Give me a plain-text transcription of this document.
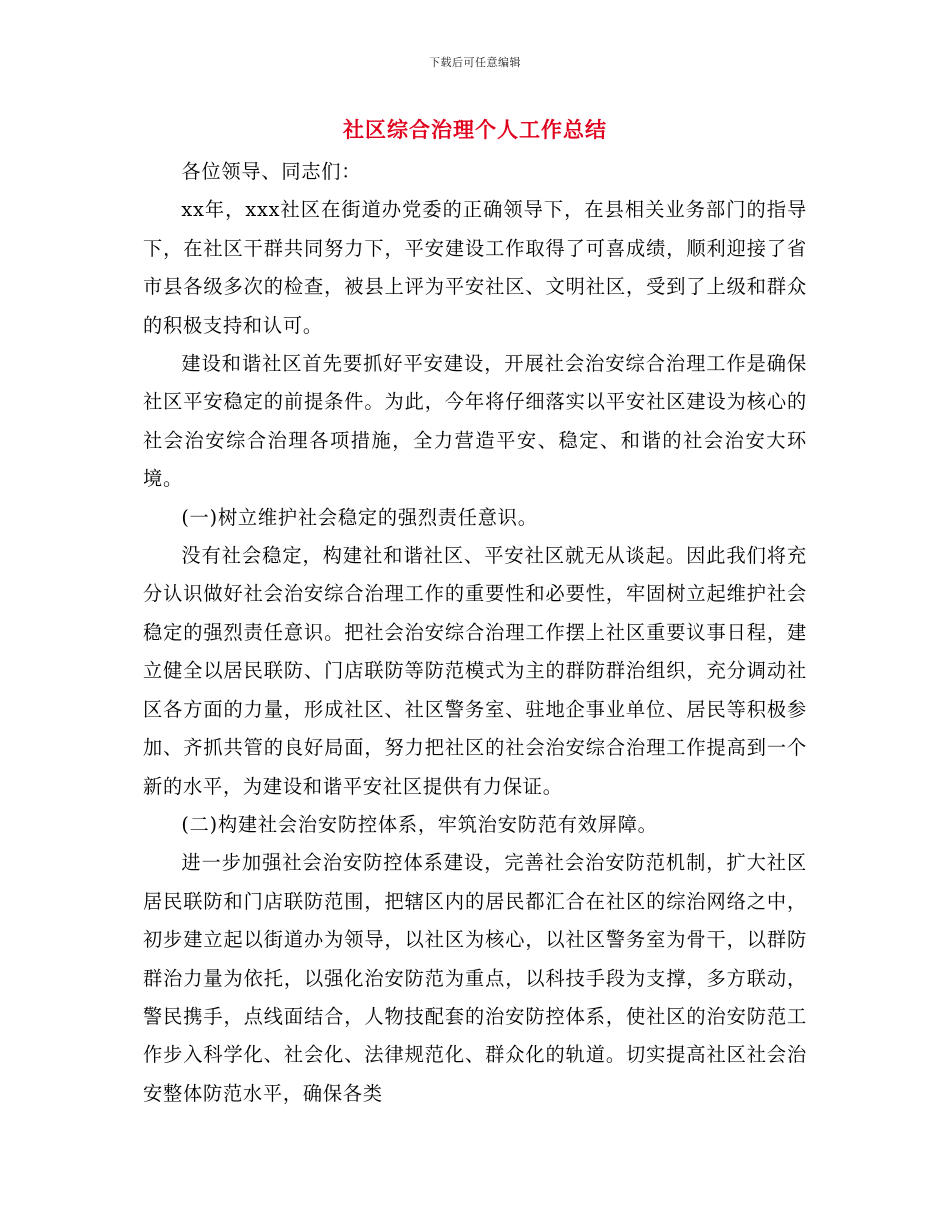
下载后可任意编辑
社区综合治理个人工作总结

各位领导、同志们：

xx年，xxx社区在街道办党委的正确领导下，在县相关业务部门的指导下，在社区干群共同努力下，平安建设工作取得了可喜成绩，顺利迎接了省市县各级多次的检查，被县上评为平安社区、文明社区，受到了上级和群众的积极支持和认可。

建设和谐社区首先要抓好平安建设，开展社会治安综合治理工作是确保社区平安稳定的前提条件。为此，今年将仔细落实以平安社区建设为核心的社会治安综合治理各项措施，全力营造平安、稳定、和谐的社会治安大环境。

(一)树立维护社会稳定的强烈责任意识。

没有社会稳定，构建社和谐社区、平安社区就无从谈起。因此我们将充分认识做好社会治安综合治理工作的重要性和必要性，牢固树立起维护社会稳定的强烈责任意识。把社会治安综合治理工作摆上社区重要议事日程，建立健全以居民联防、门店联防等防范模式为主的群防群治组织，充分调动社区各方面的力量，形成社区、社区警务室、驻地企事业单位、居民等积极参加、齐抓共管的良好局面，努力把社区的社会治安综合治理工作提高到一个新的水平，为建设和谐平安社区提供有力保证。

(二)构建社会治安防控体系，牢筑治安防范有效屏障。

进一步加强社会治安防控体系建设，完善社会治安防范机制，扩大社区居民联防和门店联防范围，把辖区内的居民都汇合在社区的综治网络之中，初步建立起以街道办为领导，以社区为核心，以社区警务室为骨干，以群防群治力量为依托，以强化治安防范为重点，以科技手段为支撑，多方联动，警民携手，点线面结合，人物技配套的治安防控体系，使社区的治安防范工作步入科学化、社会化、法律规范化、群众化的轨道。切实提高社区社会治安整体防范水平，确保各类
